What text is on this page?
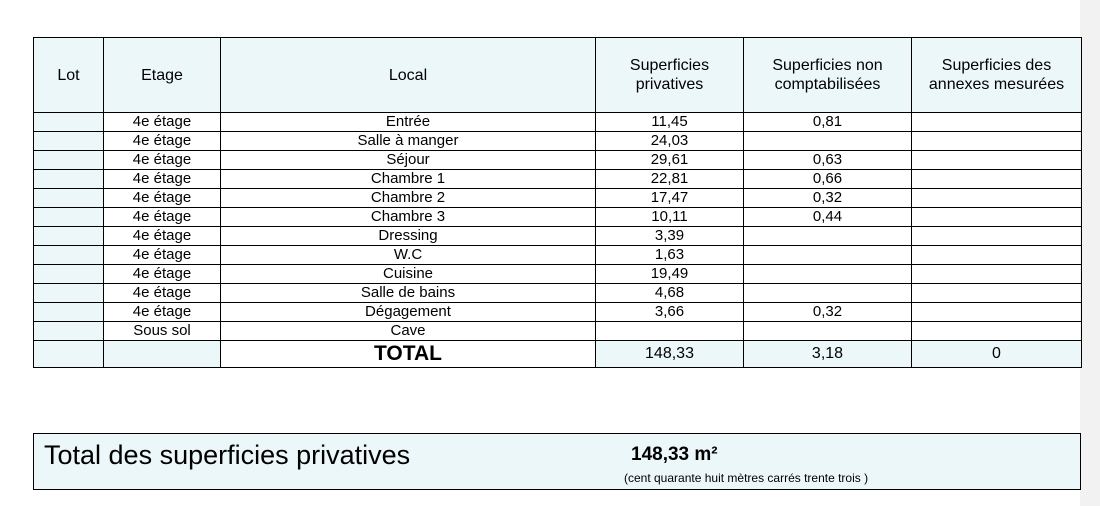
Lot	Etage	Local	Superficies privatives	Superficies non comptabilisées	Superficies des annexes mesurées
	4e étage	Entrée	11,45	0,81	
	4e étage	Salle à manger	24,03		
	4e étage	Séjour	29,61	0,63	
	4e étage	Chambre 1	22,81	0,66	
	4e étage	Chambre 2	17,47	0,32	
	4e étage	Chambre 3	10,11	0,44	
	4e étage	Dressing	3,39		
	4e étage	W.C	1,63		
	4e étage	Cuisine	19,49		
	4e étage	Salle de bains	4,68		
	4e étage	Dégagement	3,66	0,32	
	Sous sol	Cave			
		TOTAL	148,33	3,18	0
Total des superficies privatives	148,33 m²
(cent quarante huit mètres carrés trente trois )
